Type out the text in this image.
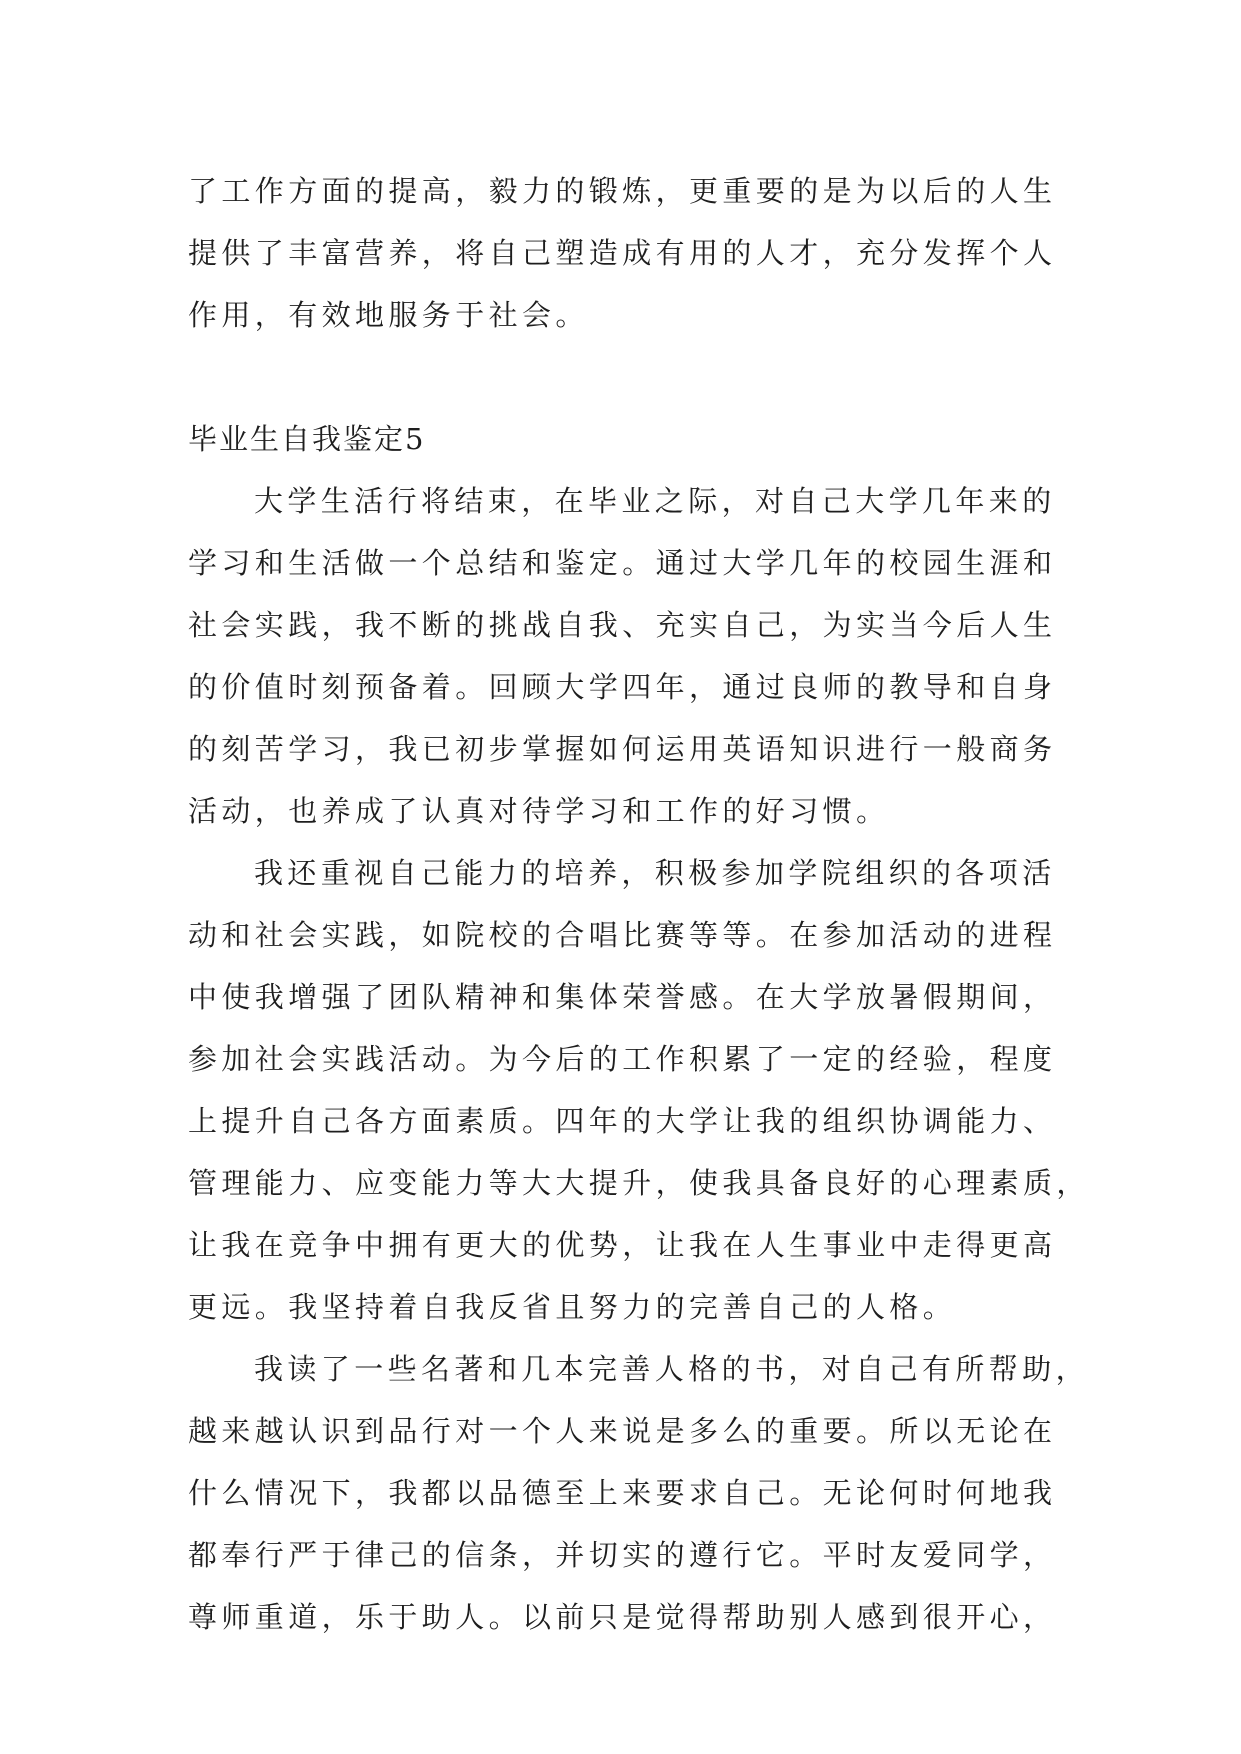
了工作方面的提高，毅力的锻炼，更重要的是为以后的人生
提供了丰富营养，将自己塑造成有用的人才，充分发挥个人
作用，有效地服务于社会。
毕业生自我鉴定5
大学生活行将结束，在毕业之际，对自己大学几年来的
学习和生活做一个总结和鉴定。通过大学几年的校园生涯和
社会实践，我不断的挑战自我、充实自己，为实当今后人生
的价值时刻预备着。回顾大学四年，通过良师的教导和自身
的刻苦学习，我已初步掌握如何运用英语知识进行一般商务
活动，也养成了认真对待学习和工作的好习惯。
我还重视自己能力的培养，积极参加学院组织的各项活
动和社会实践，如院校的合唱比赛等等。在参加活动的进程
中使我增强了团队精神和集体荣誉感。在大学放暑假期间，
参加社会实践活动。为今后的工作积累了一定的经验，程度
上提升自己各方面素质。四年的大学让我的组织协调能力、
管理能力、应变能力等大大提升，使我具备良好的心理素质，
让我在竞争中拥有更大的优势，让我在人生事业中走得更高
更远。我坚持着自我反省且努力的完善自己的人格。
我读了一些名著和几本完善人格的书，对自己有所帮助，
越来越认识到品行对一个人来说是多么的重要。所以无论在
什么情况下，我都以品德至上来要求自己。无论何时何地我
都奉行严于律己的信条，并切实的遵行它。平时友爱同学，
尊师重道，乐于助人。以前只是觉得帮助别人感到很开心，
